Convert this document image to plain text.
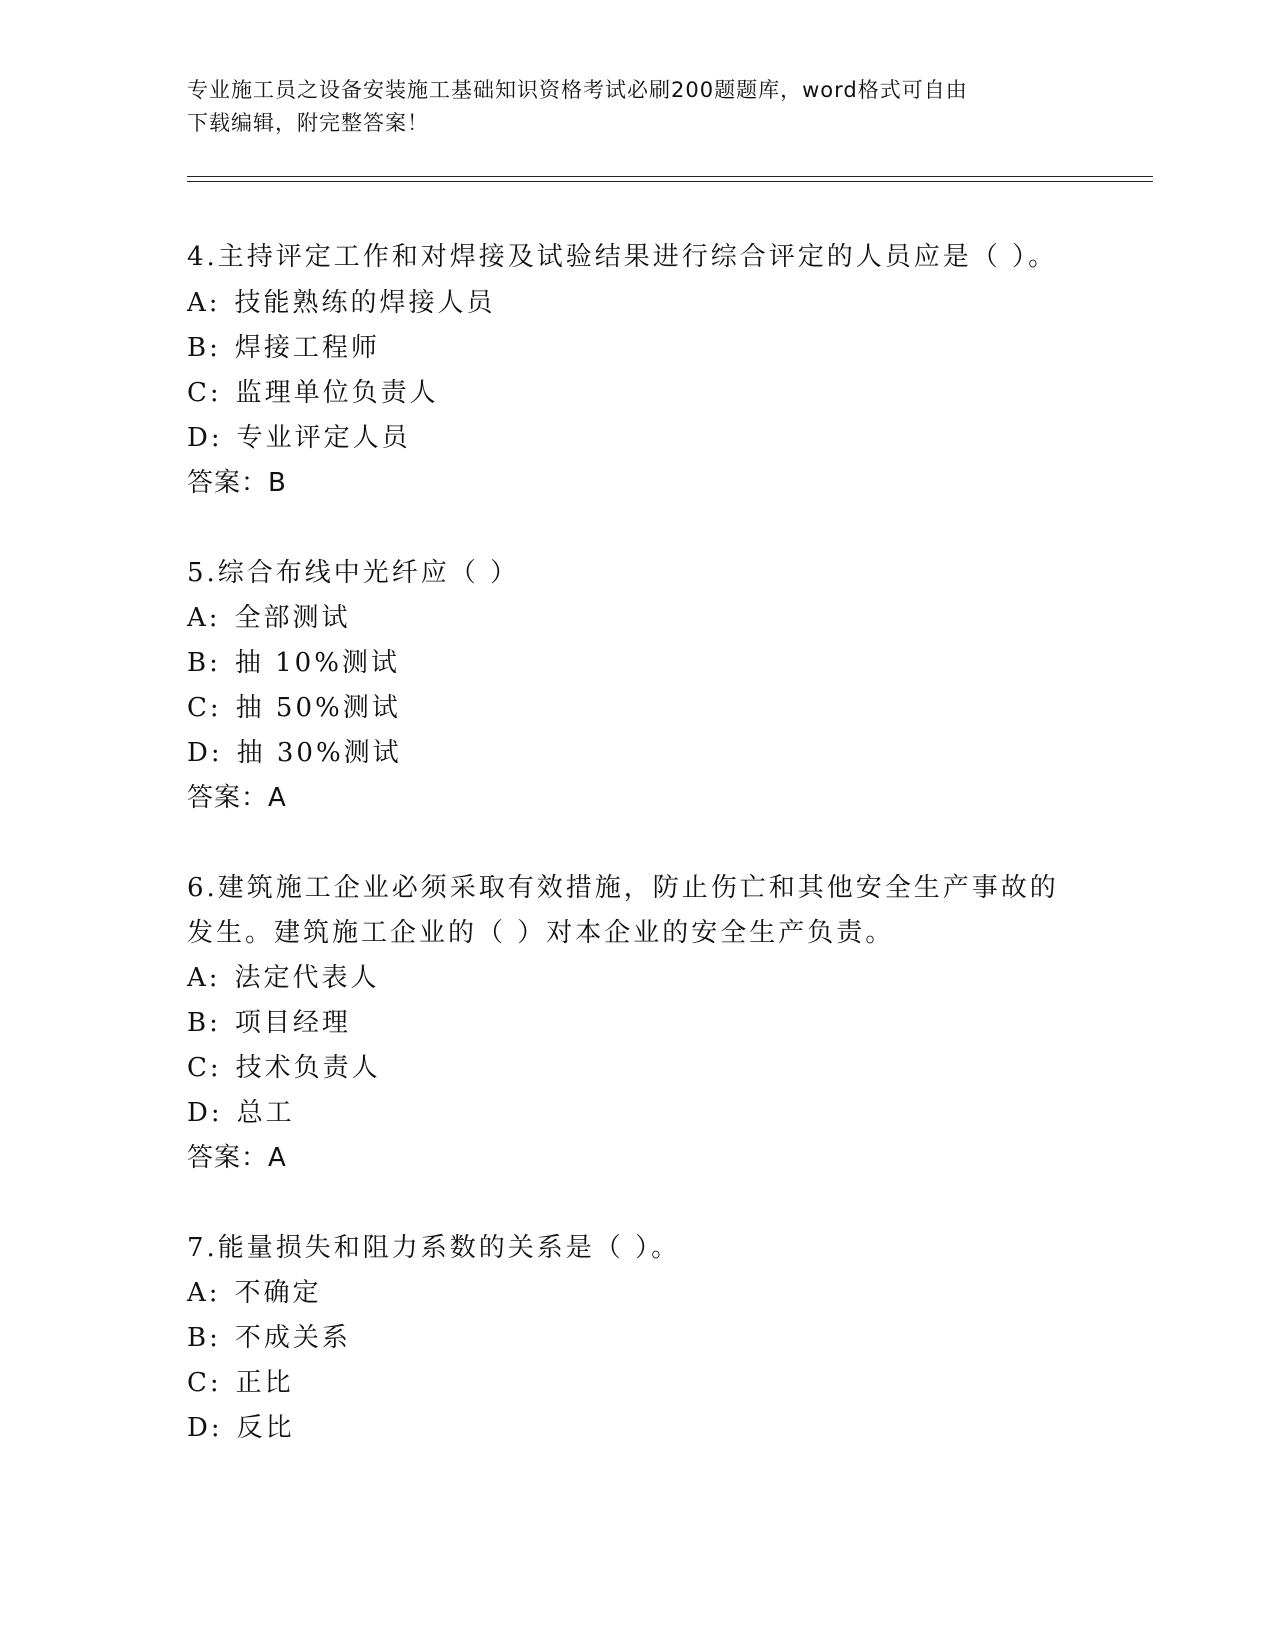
专业施工员之设备安装施工基础知识资格考试必刷200题题库，word格式可自由
下载编辑，附完整答案！
4.主持评定工作和对焊接及试验结果进行综合评定的人员应是（ ）。
A: 技能熟练的焊接人员
B: 焊接工程师
C: 监理单位负责人
D: 专业评定人员
答案：B
5.综合布线中光纤应（ ）
A: 全部测试
B: 抽 10%测试
C: 抽 50%测试
D: 抽 30%测试
答案：A
6.建筑施工企业必须采取有效措施，防止伤亡和其他安全生产事故的
发生。建筑施工企业的（ ）对本企业的安全生产负责。
A: 法定代表人
B: 项目经理
C: 技术负责人
D: 总工
答案：A
7.能量损失和阻力系数的关系是（ ）。
A: 不确定
B: 不成关系
C: 正比
D: 反比
